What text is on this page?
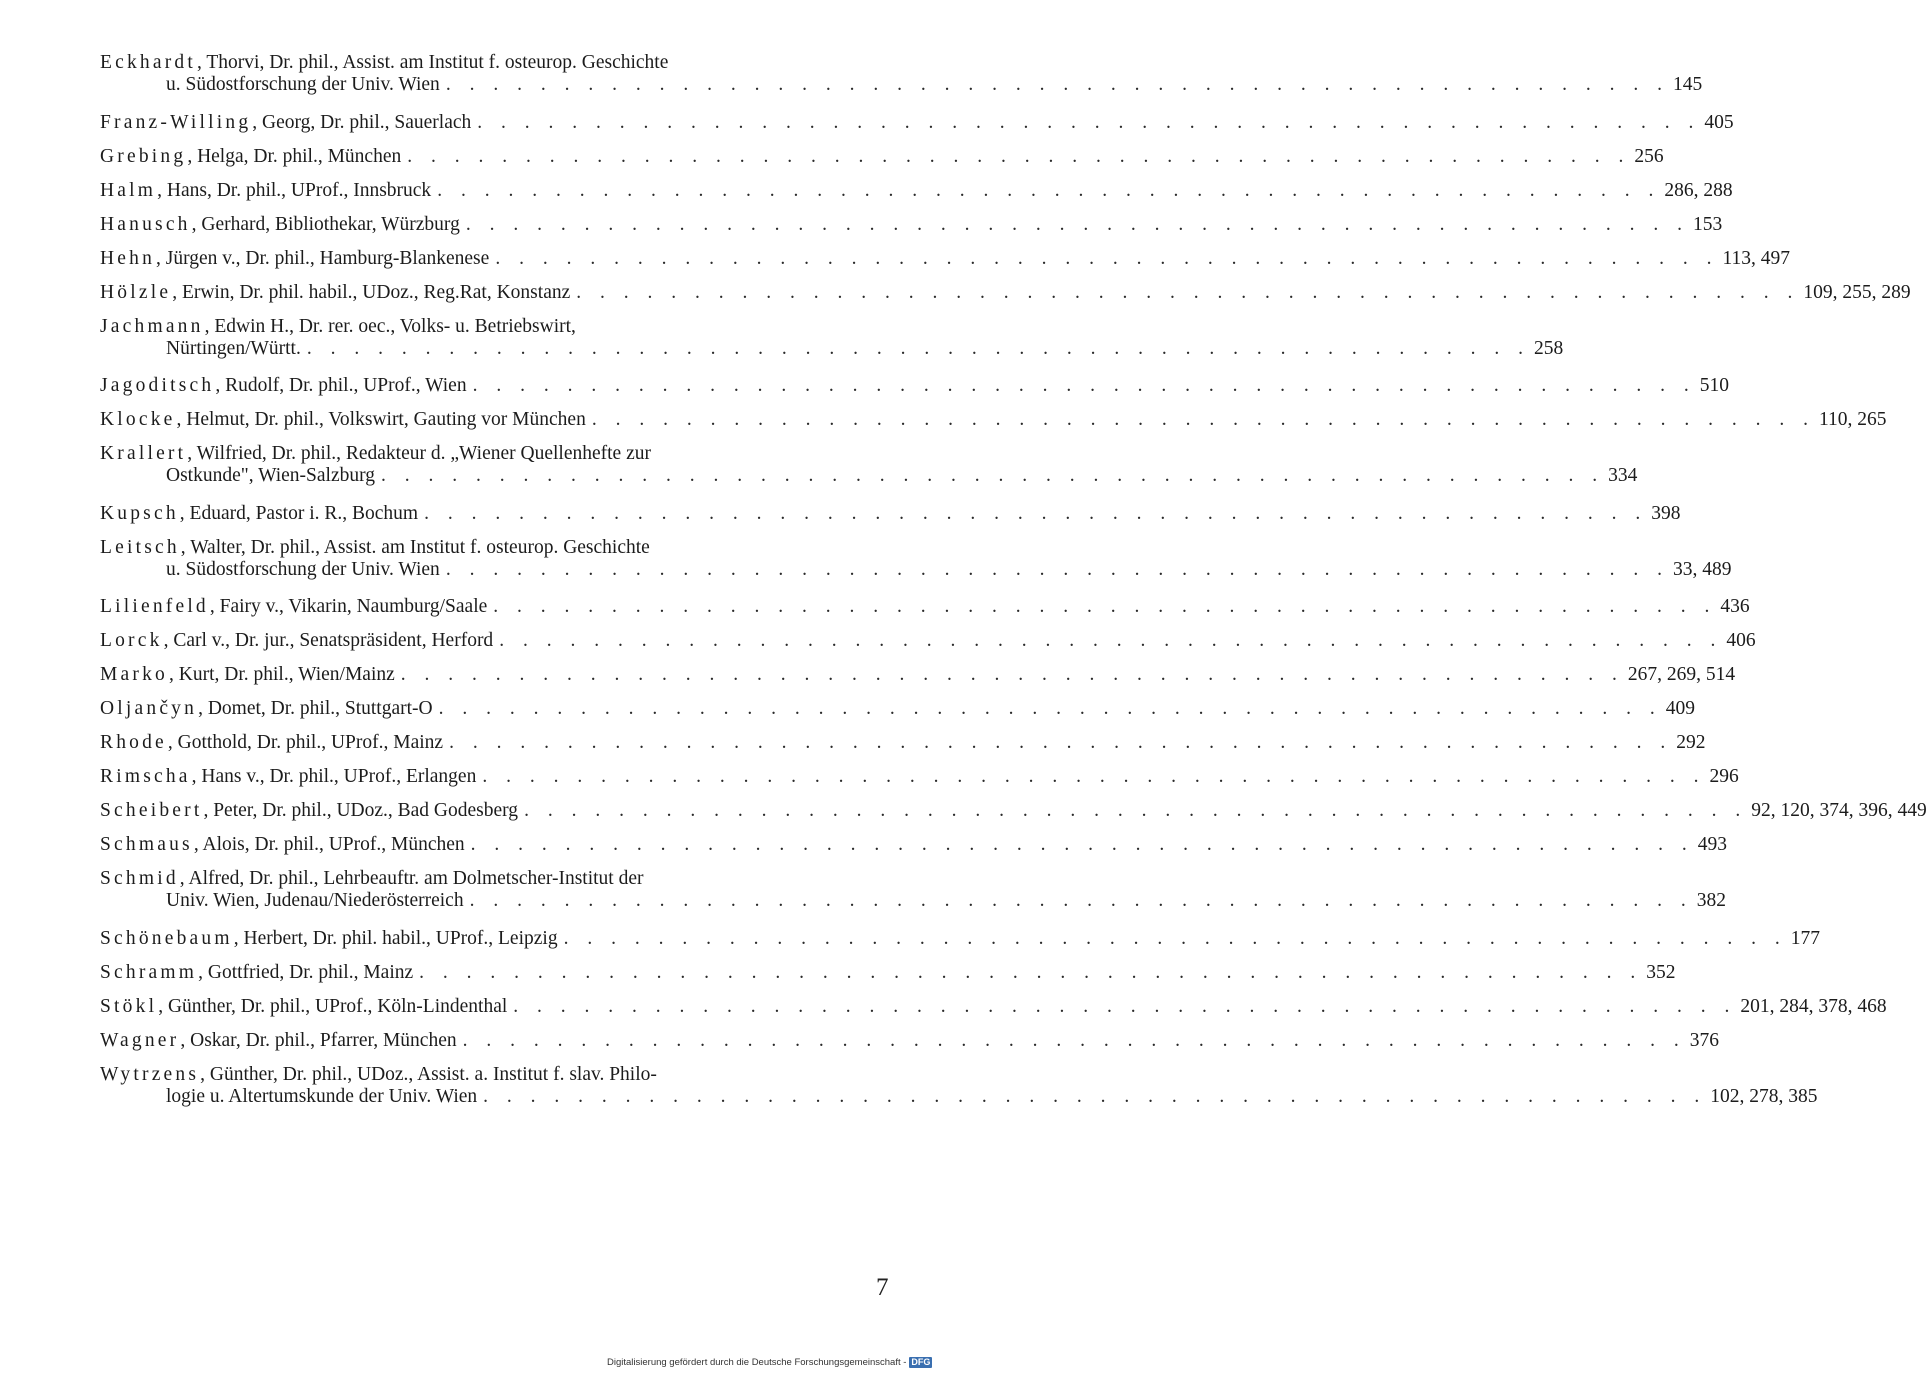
Eckhardt, Thorvi, Dr. phil., Assist. am Institut f. osteurop. Geschichte
u. Südostforschung der Univ. Wien . . . . . . . . . . . . . . . . . . . . . . . . . . . . . . . . . . . . . . . . . . . . . . . . . . . . 145
Franz-Willing, Georg, Dr. phil., Sauerlach . . . . . . . . . . . . . . . . . . . . . . . . . . . . . . . . . . . . . . . . . . . . . . . . . . . . 405
Grebing, Helga, Dr. phil., München . . . . . . . . . . . . . . . . . . . . . . . . . . . . . . . . . . . . . . . . . . . . . . . . . . . . 256
Halm, Hans, Dr. phil., UProf., Innsbruck . . . . . . . . . . . . . . . . . . . . . . . . . . . . . . . . . . . . . . . . . . . . . . . . . . . . 286, 288
Hanusch, Gerhard, Bibliothekar, Würzburg . . . . . . . . . . . . . . . . . . . . . . . . . . . . . . . . . . . . . . . . . . . . . . . . . . . . 153
Hehn, Jürgen v., Dr. phil., Hamburg-Blankenese . . . . . . . . . . . . . . . . . . . . . . . . . . . . . . . . . . . . . . . . . . . . . . . . . . . . 113, 497
Hölzle, Erwin, Dr. phil. habil., UDoz., Reg.Rat, Konstanz . . . . . . . . . . . . . . . . . . . . . . . . . . . . . . . . . . . . . . . . . . . . . . . . . . . . 109, 255, 289
Jachmann, Edwin H., Dr. rer. oec., Volks- u. Betriebswirt,
Nürtingen/Württ. . . . . . . . . . . . . . . . . . . . . . . . . . . . . . . . . . . . . . . . . . . . . . . . . . . . . 258
Jagoditsch, Rudolf, Dr. phil., UProf., Wien . . . . . . . . . . . . . . . . . . . . . . . . . . . . . . . . . . . . . . . . . . . . . . . . . . . . 510
Klocke, Helmut, Dr. phil., Volkswirt, Gauting vor München . . . . . . . . . . . . . . . . . . . . . . . . . . . . . . . . . . . . . . . . . . . . . . . . . . . . 110, 265
Krallert, Wilfried, Dr. phil., Redakteur d. „Wiener Quellenhefte zur
Ostkunde", Wien-Salzburg . . . . . . . . . . . . . . . . . . . . . . . . . . . . . . . . . . . . . . . . . . . . . . . . . . . . 334
Kupsch, Eduard, Pastor i. R., Bochum . . . . . . . . . . . . . . . . . . . . . . . . . . . . . . . . . . . . . . . . . . . . . . . . . . . . 398
Leitsch, Walter, Dr. phil., Assist. am Institut f. osteurop. Geschichte
u. Südostforschung der Univ. Wien . . . . . . . . . . . . . . . . . . . . . . . . . . . . . . . . . . . . . . . . . . . . . . . . . . . . 33, 489
Lilienfeld, Fairy v., Vikarin, Naumburg/Saale . . . . . . . . . . . . . . . . . . . . . . . . . . . . . . . . . . . . . . . . . . . . . . . . . . . . 436
Lorck, Carl v., Dr. jur., Senatspräsident, Herford . . . . . . . . . . . . . . . . . . . . . . . . . . . . . . . . . . . . . . . . . . . . . . . . . . . . 406
Marko, Kurt, Dr. phil., Wien/Mainz . . . . . . . . . . . . . . . . . . . . . . . . . . . . . . . . . . . . . . . . . . . . . . . . . . . . 267, 269, 514
Oljančyn, Domet, Dr. phil., Stuttgart-O . . . . . . . . . . . . . . . . . . . . . . . . . . . . . . . . . . . . . . . . . . . . . . . . . . . . 409
Rhode, Gotthold, Dr. phil., UProf., Mainz . . . . . . . . . . . . . . . . . . . . . . . . . . . . . . . . . . . . . . . . . . . . . . . . . . . . 292
Rimscha, Hans v., Dr. phil., UProf., Erlangen . . . . . . . . . . . . . . . . . . . . . . . . . . . . . . . . . . . . . . . . . . . . . . . . . . . . 296
Scheibert, Peter, Dr. phil., UDoz., Bad Godesberg . . . . . . . . . . . . . . . . . . . . . . . . . . . . . . . . . . . . . . . . . . . . . . . . . . . . 92, 120, 374, 396, 449
Schmaus, Alois, Dr. phil., UProf., München . . . . . . . . . . . . . . . . . . . . . . . . . . . . . . . . . . . . . . . . . . . . . . . . . . . . 493
Schmid, Alfred, Dr. phil., Lehrbeauftr. am Dolmetscher-Institut der
Univ. Wien, Judenau/Niederösterreich . . . . . . . . . . . . . . . . . . . . . . . . . . . . . . . . . . . . . . . . . . . . . . . . . . . . 382
Schönebaum, Herbert, Dr. phil. habil., UProf., Leipzig . . . . . . . . . . . . . . . . . . . . . . . . . . . . . . . . . . . . . . . . . . . . . . . . . . . . 177
Schramm, Gottfried, Dr. phil., Mainz . . . . . . . . . . . . . . . . . . . . . . . . . . . . . . . . . . . . . . . . . . . . . . . . . . . . 352
Stökl, Günther, Dr. phil., UProf., Köln-Lindenthal . . . . . . . . . . . . . . . . . . . . . . . . . . . . . . . . . . . . . . . . . . . . . . . . . . . . 201, 284, 378, 468
Wagner, Oskar, Dr. phil., Pfarrer, München . . . . . . . . . . . . . . . . . . . . . . . . . . . . . . . . . . . . . . . . . . . . . . . . . . . . 376
Wytrzens, Günther, Dr. phil., UDoz., Assist. a. Institut f. slav. Philo-
logie u. Altertumskunde der Univ. Wien . . . . . . . . . . . . . . . . . . . . . . . . . . . . . . . . . . . . . . . . . . . . . . . . . . . . 102, 278, 385
7
Digitalisierung gefördert durch die Deutsche Forschungsgemeinschaft - DFG
